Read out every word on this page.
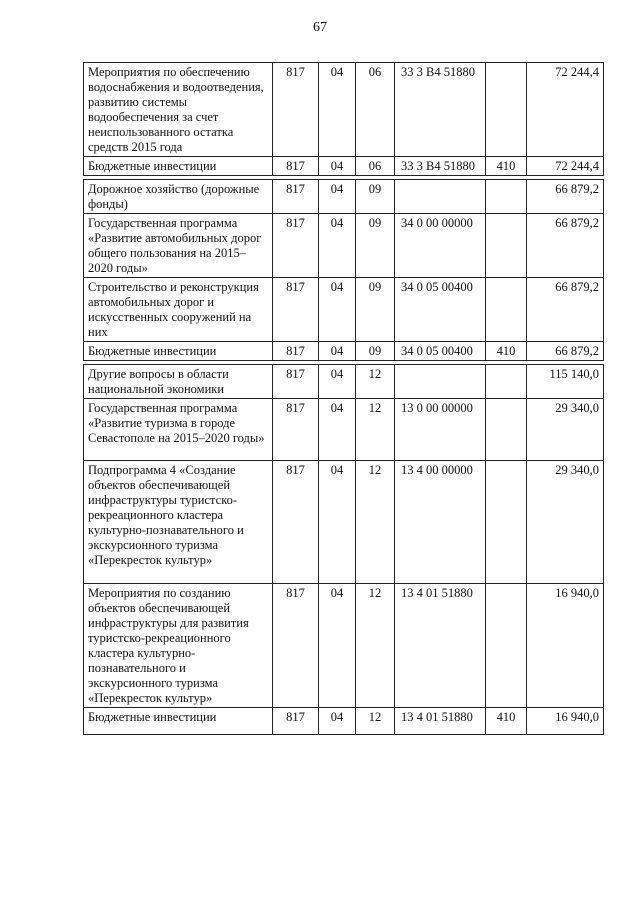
67
Мероприятия по обеспечению водоснабжения и водоотведения, развитию системы водообеспечения за счет неиспользованного остатка средств 2015 года	817	04	06	33 3 В4 51880		72 244,4
Бюджетные инвестиции	817	04	06	33 3 В4 51880	410	72 244,4

Дорожное хозяйство (дорожные фонды)	817	04	09			66 879,2
Государственная программа «Развитие автомобильных дорог общего пользования на 2015–2020 годы»	817	04	09	34 0 00 00000		66 879,2
Строительство и реконструкция автомобильных дорог и искусственных сооружений на них	817	04	09	34 0 05 00400		66 879,2
Бюджетные инвестиции	817	04	09	34 0 05 00400	410	66 879,2

Другие вопросы в области национальной экономики	817	04	12			115 140,0
Государственная программа «Развитие туризма в городе Севастополе на 2015–2020 годы»	817	04	12	13 0 00 00000		29 340,0
Подпрограмма 4 «Создание объектов обеспечивающей инфраструктуры туристско-рекреационного кластера культурно-познавательного и экскурсионного туризма «Перекресток культур»	817	04	12	13 4 00 00000		29 340,0
Мероприятия по созданию объектов обеспечивающей инфраструктуры для развития туристско-рекреационного кластера культурно-познавательного и экскурсионного туризма «Перекресток культур»	817	04	12	13 4 01 51880		16 940,0
Бюджетные инвестиции	817	04	12	13 4 01 51880	410	16 940,0
